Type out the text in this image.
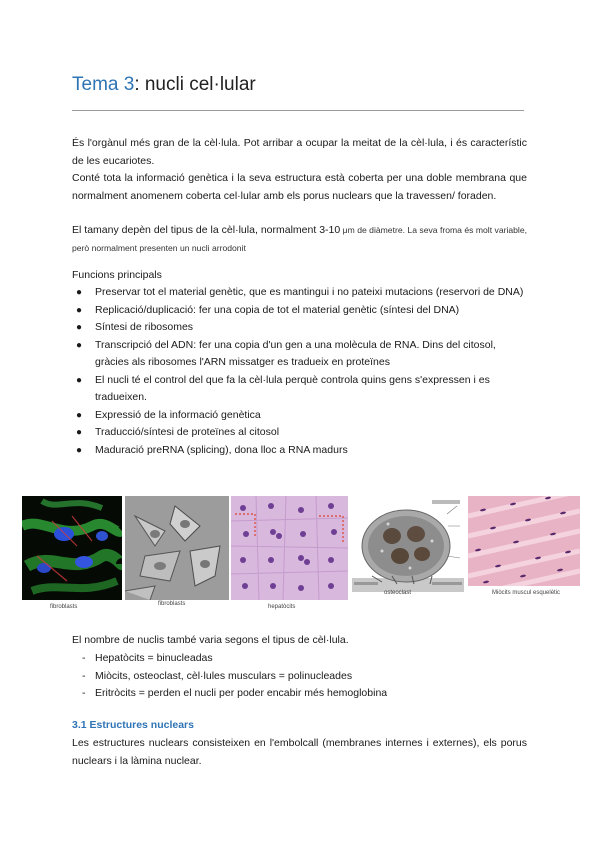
Tema 3: nucli cel·lular

És l'orgànul més gran de la cèl·lula. Pot arribar a ocupar la meitat de la cèl·lula, i és característic de les eucariotes.

Conté tota la informació genètica i la seva estructura està coberta per una doble membrana que normalment anomenem coberta cel·lular amb els porus nuclears que la travessen/ foraden.

El tamany depèn del tipus de la cèl·lula, normalment 3-10 μm de diàmetre. La seva froma és molt variable, però normalment presenten un nucli arrodonit

Funcions principals

● Preservar tot el material genètic, que es mantingui i no pateixi mutacions (reservori de DNA)
● Replicació/duplicació: fer una copia de tot el material genètic (síntesi del DNA)
● Síntesi de ribosomes
● Transcripció del ADN: fer una copia d'un gen a una molècula de RNA. Dins del citosol, gràcies als ribosomes l'ARN missatger es tradueix en proteïnes
● El nucli té el control del que fa la cèl·lula perquè controla quins gens s'expressen i es tradueixen.
● Expressió de la informació genètica
● Traducció/síntesi de proteïnes al citosol
● Maduració preRNA (splicing), dona lloc a RNA madurs
fibroblasts	fibroblasts	hepatòcits
osteoclast	Miòcits muscul esquelètic

El nombre de nuclis també varia segons el tipus de cèl·lula.

- Hepatòcits = binucleadas
- Miòcits, osteoclast, cèl·lules musculars = polinucleades
- Eritròcits = perden el nucli per poder encabir més hemoglobina
3.1 Estructures nuclears

Les estructures nuclears consisteixen en l'embolcall (membranes internes i externes), els porus nuclears i la làmina nuclear.
